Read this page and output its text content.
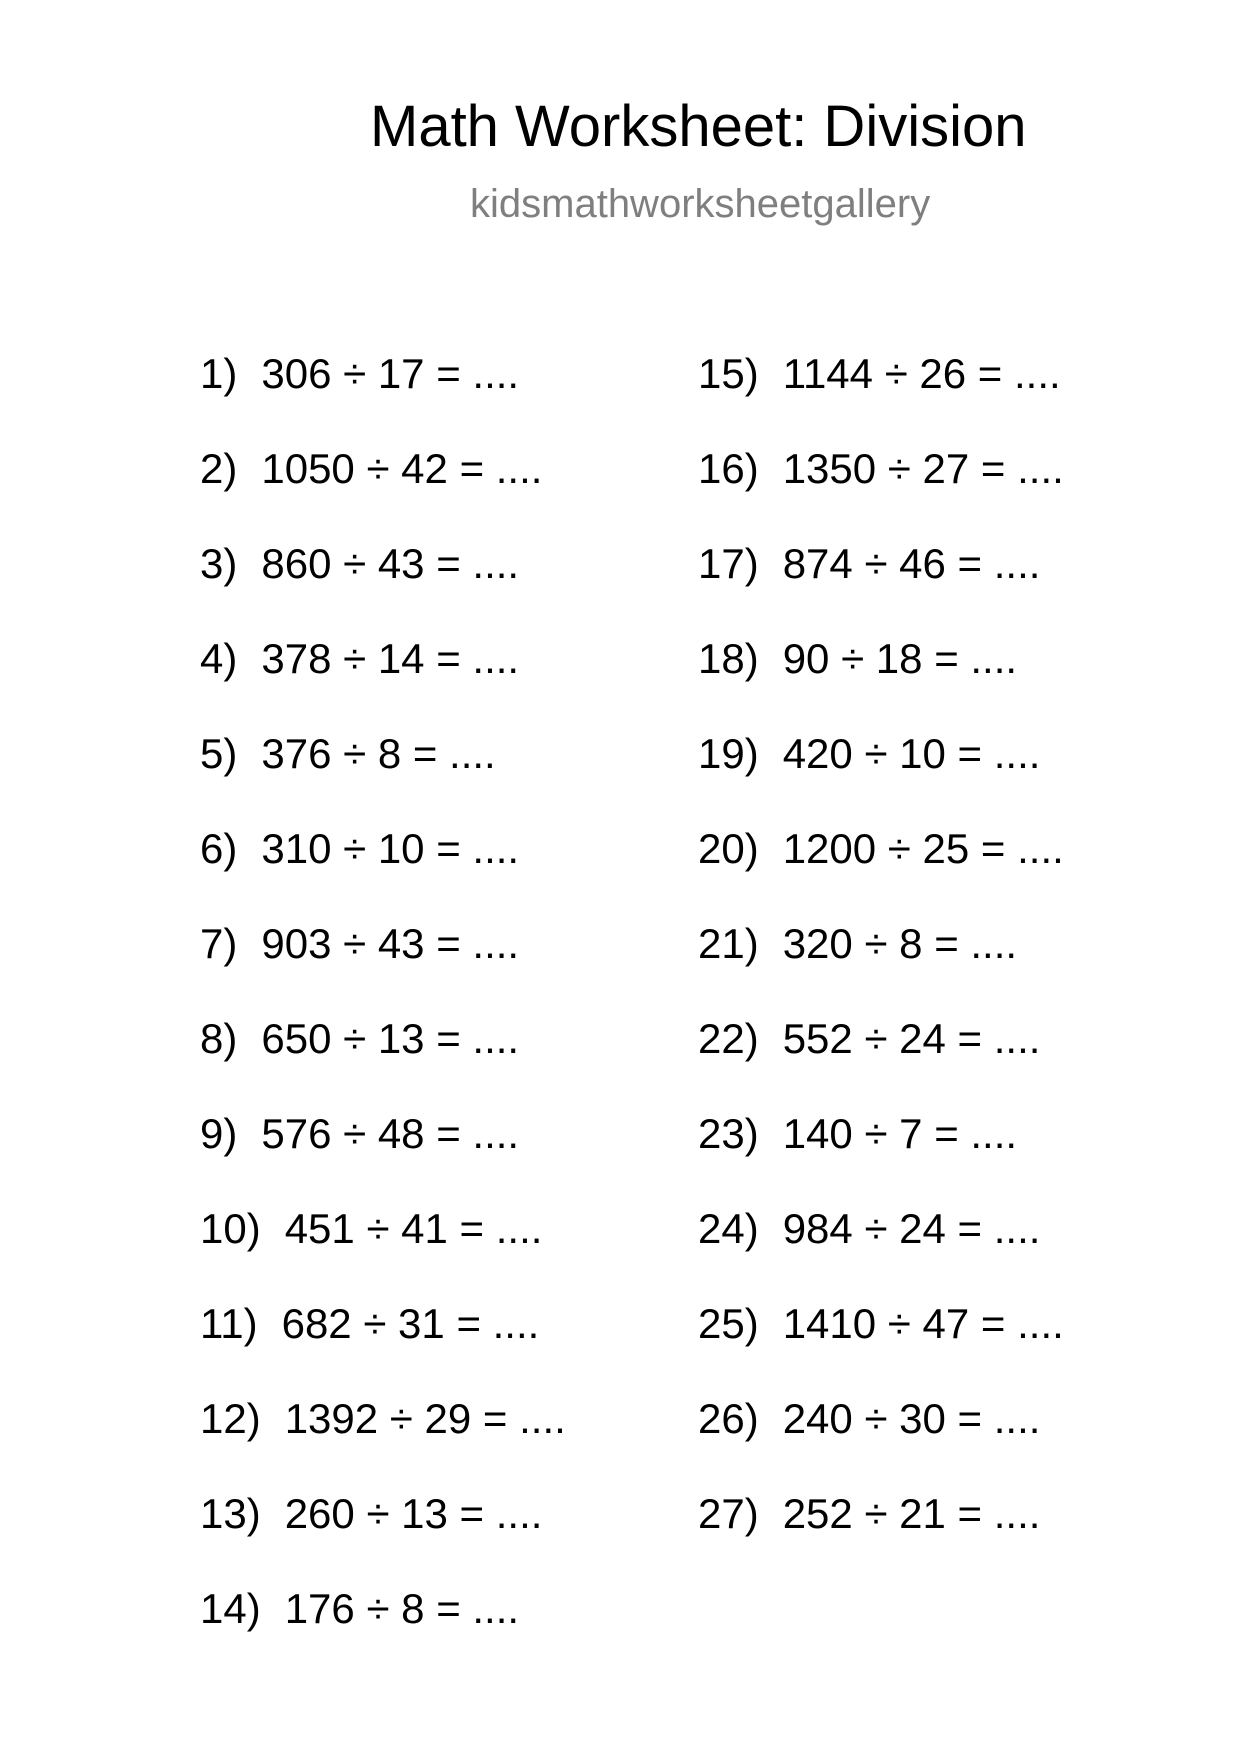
Math Worksheet: Division
kidsmathworksheetgallery
1) 306 ÷ 17 = ....
2) 1050 ÷ 42 = ....
3) 860 ÷ 43 = ....
4) 378 ÷ 14 = ....
5) 376 ÷ 8 = ....
6) 310 ÷ 10 = ....
7) 903 ÷ 43 = ....
8) 650 ÷ 13 = ....
9) 576 ÷ 48 = ....
10) 451 ÷ 41 = ....
11) 682 ÷ 31 = ....
12) 1392 ÷ 29 = ....
13) 260 ÷ 13 = ....
14) 176 ÷ 8 = ....
15) 1144 ÷ 26 = ....
16) 1350 ÷ 27 = ....
17) 874 ÷ 46 = ....
18) 90 ÷ 18 = ....
19) 420 ÷ 10 = ....
20) 1200 ÷ 25 = ....
21) 320 ÷ 8 = ....
22) 552 ÷ 24 = ....
23) 140 ÷ 7 = ....
24) 984 ÷ 24 = ....
25) 1410 ÷ 47 = ....
26) 240 ÷ 30 = ....
27) 252 ÷ 21 = ....
